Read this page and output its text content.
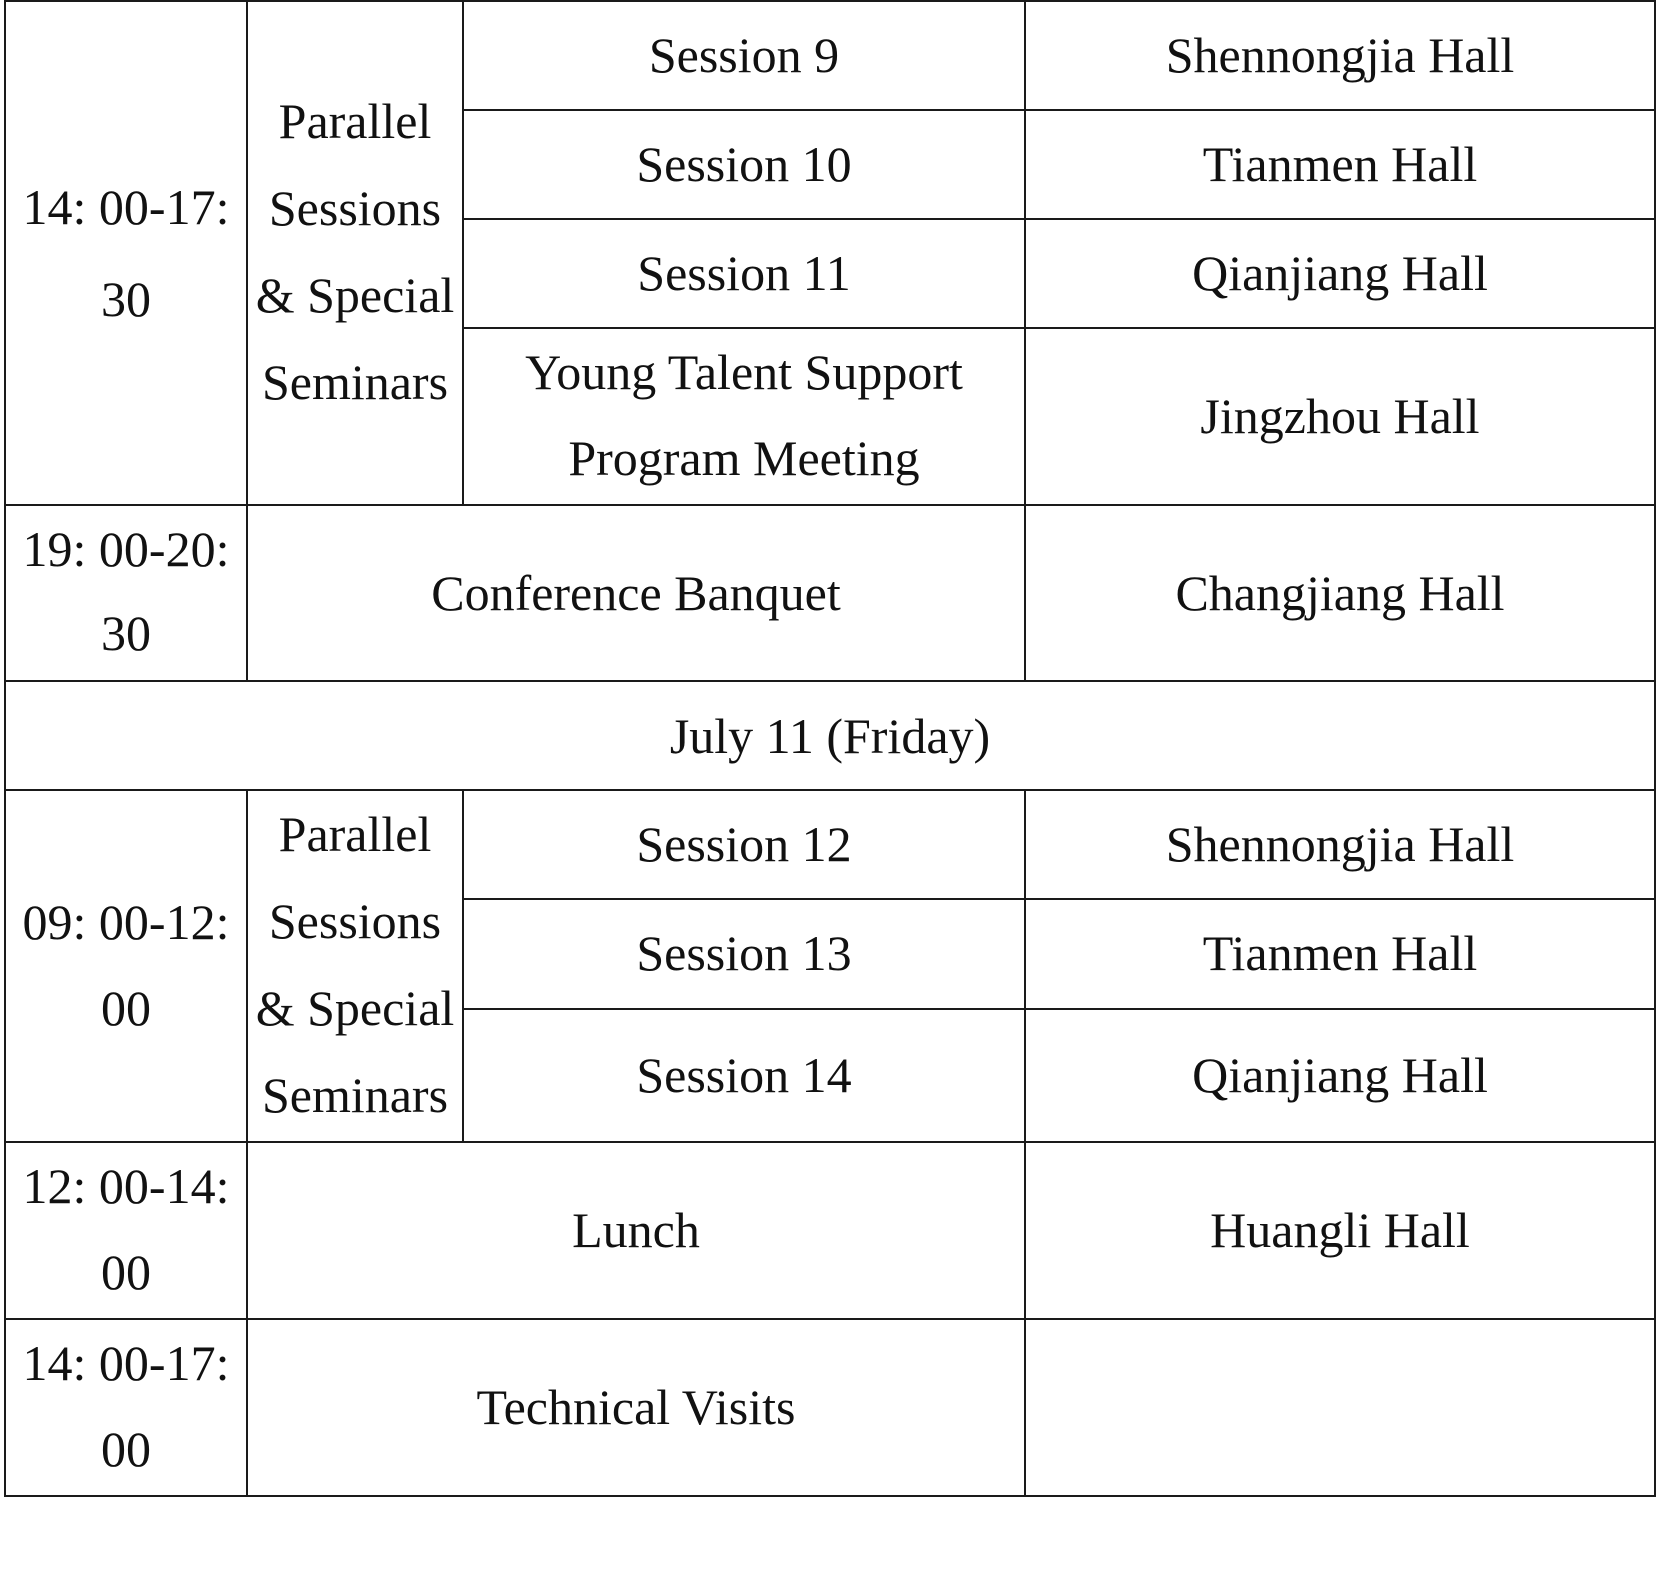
14: 00-17: 30	Parallel Sessions & Special Seminars	Session 9	Shennongjia Hall
		Session 10	Tianmen Hall
		Session 11	Qianjiang Hall
		Young Talent Support Program Meeting	Jingzhou Hall
19: 00-20: 30	Conference Banquet		Changjiang Hall
July 11 (Friday)			
09: 00-12: 00	Parallel Sessions & Special Seminars	Session 12	Shennongjia Hall
		Session 13	Tianmen Hall
		Session 14	Qianjiang Hall
12: 00-14: 00	Lunch		Huangli Hall
14: 00-17: 00	Technical Visits		
